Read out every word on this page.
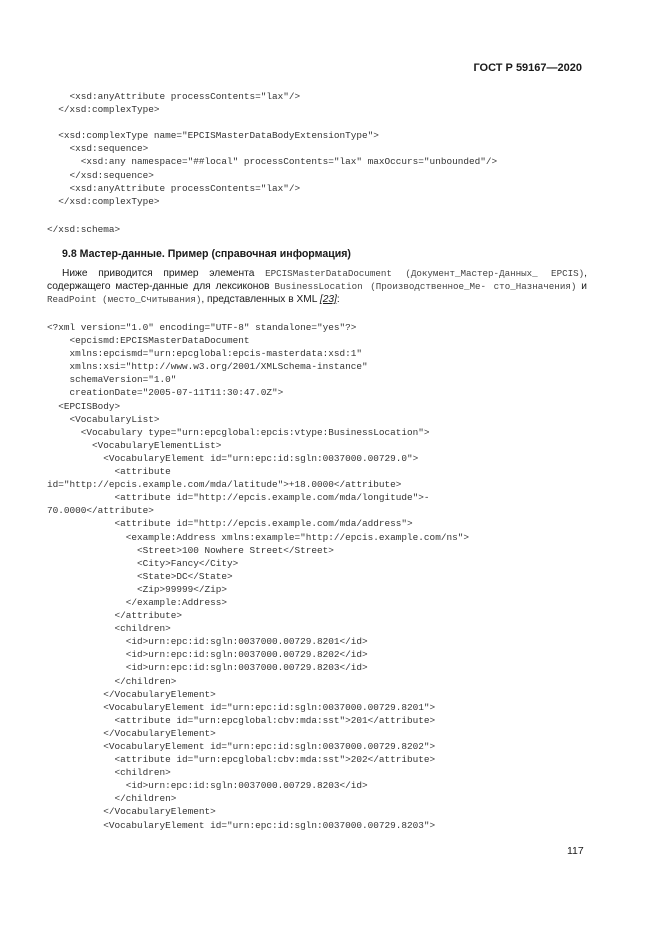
ГОСТ Р 59167—2020
<xsd:anyAttribute processContents="lax"/>
</xsd:complexType>
<xsd:complexType name="EPCISMasterDataBodyExtensionType">
<xsd:sequence>
<xsd:any namespace="##local" processContents="lax" maxOccurs="unbounded"/>
</xsd:sequence>
<xsd:anyAttribute processContents="lax"/>
</xsd:complexType>
</xsd:schema>
9.8 Мастер-данные. Пример (справочная информация)
Ниже приводится пример элемента EPCISMasterDataDocument (Документ_Мастер-Данных_ EPCIS), содержащего мастер-данные для лексиконов BusinessLocation (Производственное_Ме- сто_Назначения) и ReadPoint (место_Считывания), представленных в XML [23]:
<?xml version="1.0" encoding="UTF-8" standalone="yes"?>
<epcismd:EPCISMasterDataDocument
xmlns:epcismd="urn:epcglobal:epcis-masterdata:xsd:1"
xmlns:xsi="http://www.w3.org/2001/XMLSchema-instance"
schemaVersion="1.0"
creationDate="2005-07-11T11:30:47.0Z">
<EPCISBody>
<VocabularyList>
<Vocabulary type="urn:epcglobal:epcis:vtype:BusinessLocation">
<VocabularyElementList>
<VocabularyElement id="urn:epc:id:sgln:0037000.00729.0">
<attribute
id="http://epcis.example.com/mda/latitude">+18.0000</attribute>
<attribute id="http://epcis.example.com/mda/longitude">-
70.0000</attribute>
<attribute id="http://epcis.example.com/mda/address">
<example:Address xmlns:example="http://epcis.example.com/ns">
<Street>100 Nowhere Street</Street>
<City>Fancy</City>
<State>DC</State>
<Zip>99999</Zip>
</example:Address>
</attribute>
<children>
<id>urn:epc:id:sgln:0037000.00729.8201</id>
<id>urn:epc:id:sgln:0037000.00729.8202</id>
<id>urn:epc:id:sgln:0037000.00729.8203</id>
</children>
</VocabularyElement>
<VocabularyElement id="urn:epc:id:sgln:0037000.00729.8201">
<attribute id="urn:epcglobal:cbv:mda:sst">201</attribute>
</VocabularyElement>
<VocabularyElement id="urn:epc:id:sgln:0037000.00729.8202">
<attribute id="urn:epcglobal:cbv:mda:sst">202</attribute>
<children>
<id>urn:epc:id:sgln:0037000.00729.8203</id>
</children>
</VocabularyElement>
<VocabularyElement id="urn:epc:id:sgln:0037000.00729.8203">
117
